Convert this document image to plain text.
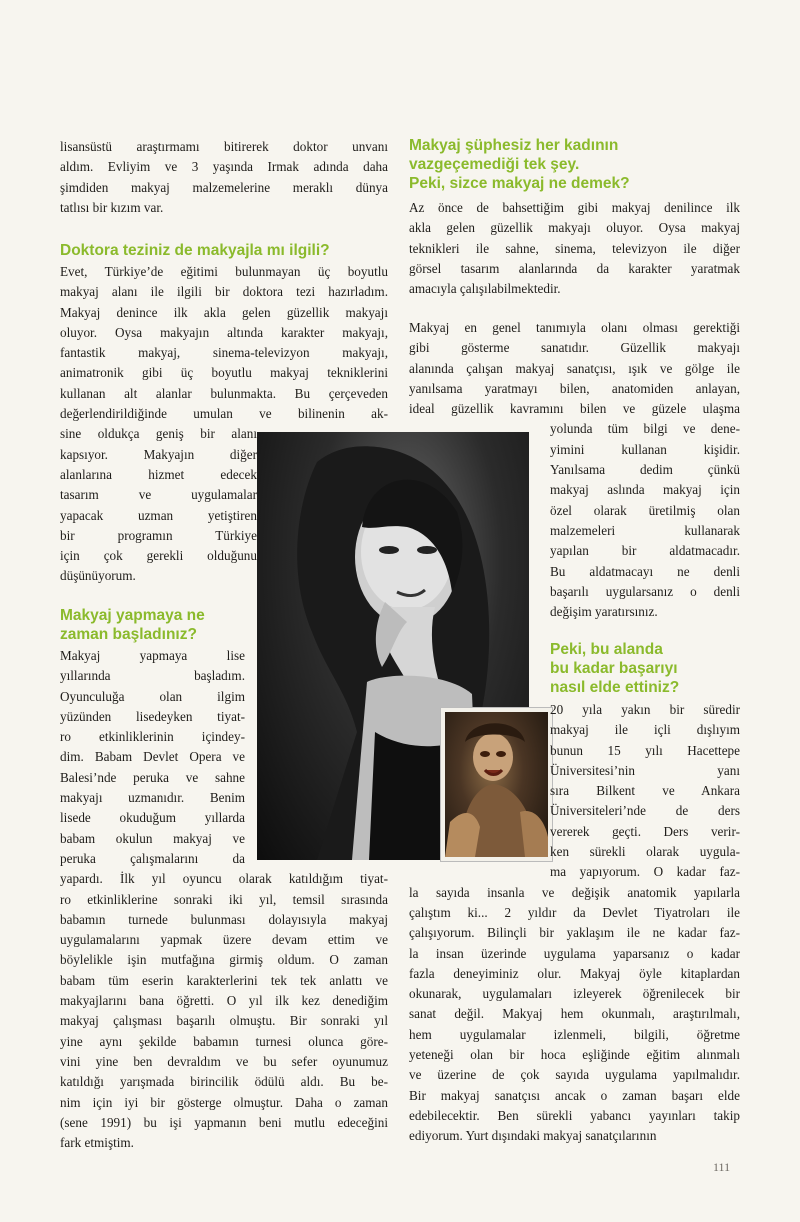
lisansüstü araştırmamı bitirerek doktor unvanı
aldım. Evliyim ve 3 yaşında Irmak adında daha
şimdiden makyaj malzemelerine meraklı dünya
tatlısı bir kızım var.
Doktora teziniz de makyajla mı ilgili?
Evet, Türkiye’de eğitimi bulunmayan üç boyutlu
makyaj alanı ile ilgili bir doktora tezi hazırladım.
Makyaj denince ilk akla gelen güzellik makyajı
oluyor. Oysa makyajın altında karakter makyajı,
fantastik makyaj, sinema-televizyon makyajı,
animatronik gibi üç boyutlu makyaj tekniklerini
kullanan alt alanlar bulunmakta. Bu çerçeveden
değerlendirildiğinde umulan ve bilinenin ak-
sine oldukça geniş bir alanı
kapsıyor. Makyajın diğer
alanlarına hizmet edecek
tasarım ve uygulamalar
yapacak uzman yetiştiren
bir programın Türkiye
için çok gerekli olduğunu
düşünüyorum.
Makyaj yapmaya ne
zaman başladınız?
Makyaj yapmaya lise
yıllarında başladım.
Oyunculuğa olan ilgim
yüzünden lisedeyken tiyat-
ro etkinliklerinin içindey-
dim. Babam Devlet Opera ve
Balesi’nde peruka ve sahne
makyajı uzmanıdır. Benim
lisede okuduğum yıllarda
babam okulun makyaj ve
peruka çalışmalarını da
yapardı. İlk yıl oyuncu olarak katıldığım tiyat-
ro etkinliklerine sonraki iki yıl, temsil sırasında
babamın turnede bulunması dolayısıyla makyaj
uygulamalarını yapmak üzere devam ettim ve
böylelikle işin mutfağına girmiş oldum. O zaman
babam tüm eserin karakterlerini tek tek anlattı ve
makyajlarını bana öğretti. O yıl ilk kez denediğim
makyaj çalışması başarılı olmuştu. Bir sonraki yıl
yine aynı şekilde babamın turnesi olunca göre-
vini yine ben devraldım ve bu sefer oyunumuz
katıldığı yarışmada birincilik ödülü aldı. Bu be-
nim için iyi bir gösterge olmuştur. Daha o zaman
(sene 1991) bu işi yapmanın beni mutlu edeceğini
fark etmiştim.
Makyaj şüphesiz her kadının
vazgeçemediği tek şey.
Peki, sizce makyaj ne demek?
Az önce de bahsettiğim gibi makyaj denilince ilk
akla gelen güzellik makyajı oluyor. Oysa makyaj
teknikleri ile sahne, sinema, televizyon ile diğer
görsel tasarım alanlarında da karakter yaratmak
amacıyla çalışılabilmektedir.
Makyaj en genel tanımıyla olanı olması gerektiği
gibi gösterme sanatıdır. Güzellik makyajı
alanında çalışan makyaj sanatçısı, ışık ve gölge ile
yanılsama yaratmayı bilen, anatomiden anlayan,
ideal güzellik kavramını bilen ve güzele ulaşma
yolunda tüm bilgi ve dene-
yimini kullanan kişidir.
Yanılsama dedim çünkü
makyaj aslında makyaj için
özel olarak üretilmiş olan
malzemeleri kullanarak
yapılan bir aldatmacadır.
Bu aldatmacayı ne denli
başarılı uygularsanız o denli
değişim yaratırsınız.
Peki, bu alanda
bu kadar başarıyı
nasıl elde ettiniz?
20 yıla yakın bir süredir
makyaj ile içli dışlıyım
bunun 15 yılı Hacettepe
Üniversitesi’nin yanı
sıra Bilkent ve Ankara
Üniversiteleri’nde de ders
vererek geçti. Ders verir-
ken sürekli olarak uygula-
ma yapıyorum. O kadar faz-
la sayıda insanla ve değişik anatomik yapılarla
çalıştım ki... 2 yıldır da Devlet Tiyatroları ile
çalışıyorum. Bilinçli bir yaklaşım ile ne kadar faz-
la insan üzerinde uygulama yaparsanız o kadar
fazla deneyiminiz olur. Makyaj öyle kitaplardan
okunarak, uygulamaları izleyerek öğrenilecek bir
sanat değil. Makyaj hem okunmalı, araştırılmalı,
hem uygulamalar izlenmeli, bilgili, öğretme
yeteneği olan bir hoca eşliğinde eğitim alınmalı
ve üzerine de çok sayıda uygulama yapılmalıdır.
Bir makyaj sanatçısı ancak o zaman başarı elde
edebilecektir. Ben sürekli yabancı yayınları takip
ediyorum. Yurt dışındaki makyaj sanatçılarının

111
